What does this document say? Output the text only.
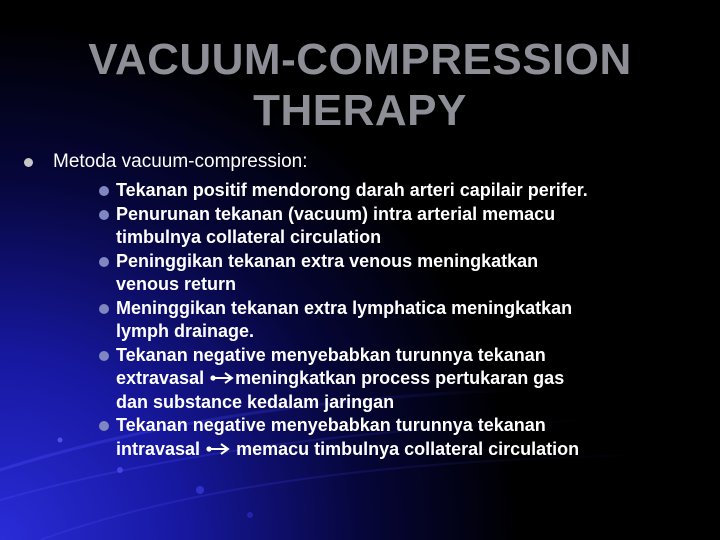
VACUUM-COMPRESSION
THERAPY
Metoda vacuum-compression:
Tekanan positif mendorong darah arteri capilair perifer.
Penurunan tekanan (vacuum) intra arterial memacu
timbulnya collateral circulation
Peninggikan tekanan extra venous meningkatkan
venous return
Meninggikan tekanan extra lymphatica meningkatkan
lymph drainage.
Tekanan negative menyebabkan turunnya tekanan
extravasal
meningkatkan process pertukaran gas
dan substance kedalam jaringan
Tekanan negative menyebabkan turunnya tekanan
intravasal
memacu timbulnya collateral circulation
